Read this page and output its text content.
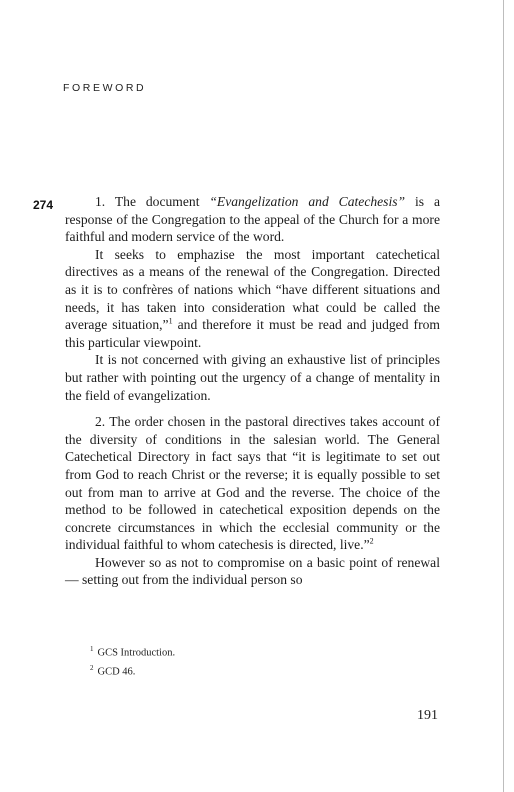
FOREWORD
274	1. The document “Evangelization and Catechesis” is a response of the Congregation to the appeal of the Church for a more faithful and modern service of the word.

It seeks to emphazise the most important catechetical directives as a means of the renewal of the Congregation. Directed as it is to confrères of nations which “have different situations and needs, it has taken into consideration what could be called the average situation,”$^1$ and therefore it must be read and judged from this particular viewpoint.

It is not concerned with giving an exhaustive list of principles but rather with pointing out the urgency of a change of mentality in the field of evangelization.

2. The order chosen in the pastoral directives takes account of the diversity of conditions in the salesian world. The General Catechetical Directory in fact says that “it is legitimate to set out from God to reach Christ or the reverse; it is equally possible to set out from man to arrive at God and the reverse. The choice of the method to be followed in catechetical exposition depends on the concrete circumstances in which the ecclesial community or the individual faithful to whom catechesis is directed, live.”$^2$

However so as not to compromise on a basic point of renewal — setting out from the individual person so

$^1$ GCS Introduction.
$^2$ GCD 46.
191
